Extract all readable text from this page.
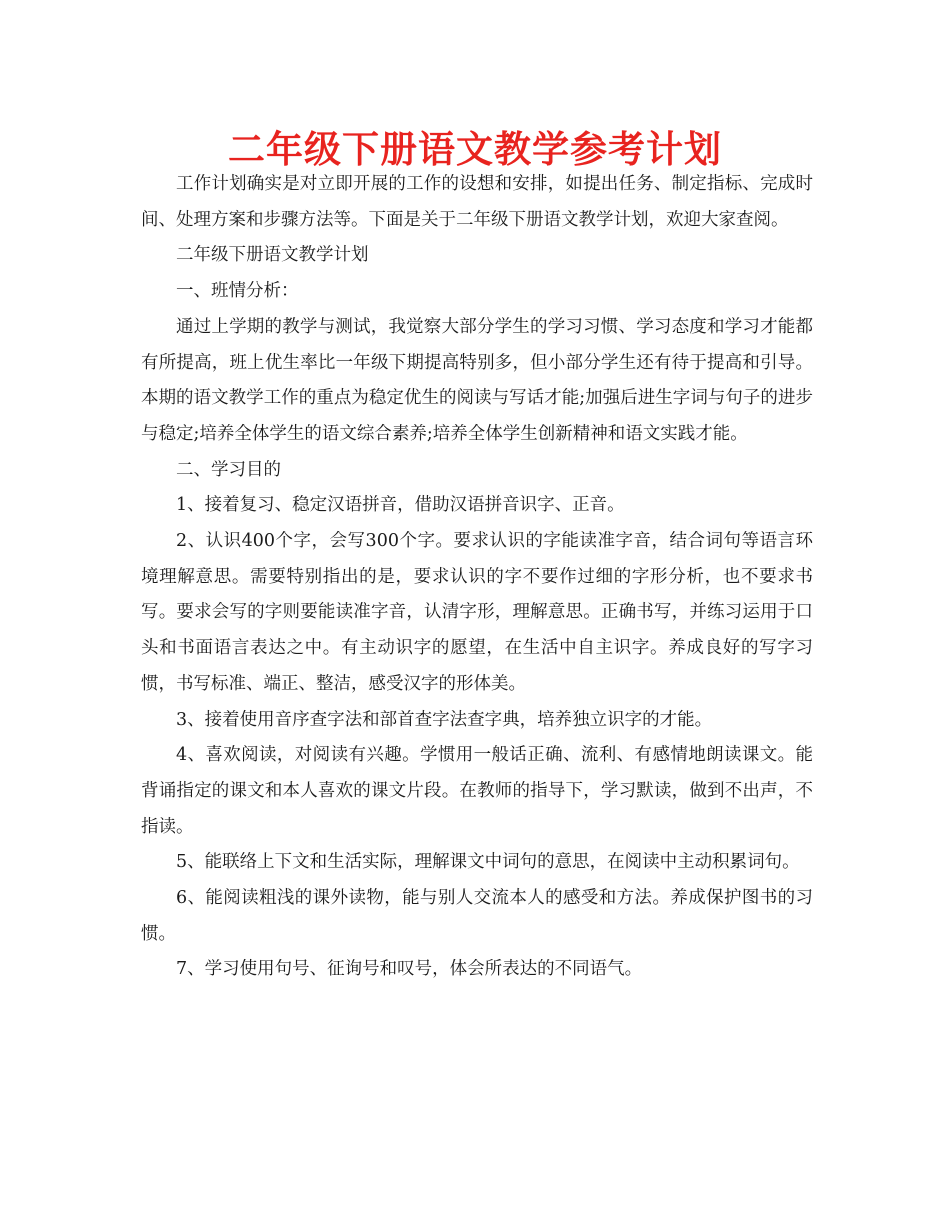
二年级下册语文教学参考计划

工作计划确实是对立即开展的工作的设想和安排，如提出任务、制定指标、完成时间、处理方案和步骤方法等。下面是关于二年级下册语文教学计划，欢迎大家查阅。

二年级下册语文教学计划

一、班情分析：

通过上学期的教学与测试，我觉察大部分学生的学习习惯、学习态度和学习才能都有所提高，班上优生率比一年级下期提高特别多，但小部分学生还有待于提高和引导。本期的语文教学工作的重点为稳定优生的阅读与写话才能;加强后进生字词与句子的进步与稳定;培养全体学生的语文综合素养;培养全体学生创新精神和语文实践才能。

二、学习目的

1、接着复习、稳定汉语拼音，借助汉语拼音识字、正音。

2、认识400个字，会写300个字。要求认识的字能读准字音，结合词句等语言环境理解意思。需要特别指出的是，要求认识的字不要作过细的字形分析，也不要求书写。要求会写的字则要能读准字音，认清字形，理解意思。正确书写，并练习运用于口头和书面语言表达之中。有主动识字的愿望，在生活中自主识字。养成良好的写字习惯，书写标准、端正、整洁，感受汉字的形体美。

3、接着使用音序查字法和部首查字法查字典，培养独立识字的才能。

4、喜欢阅读，对阅读有兴趣。学惯用一般话正确、流利、有感情地朗读课文。能背诵指定的课文和本人喜欢的课文片段。在教师的指导下，学习默读，做到不出声，不指读。

5、能联络上下文和生活实际，理解课文中词句的意思，在阅读中主动积累词句。

6、能阅读粗浅的课外读物，能与别人交流本人的感受和方法。养成保护图书的习惯。

7、学习使用句号、征询号和叹号，体会所表达的不同语气。
